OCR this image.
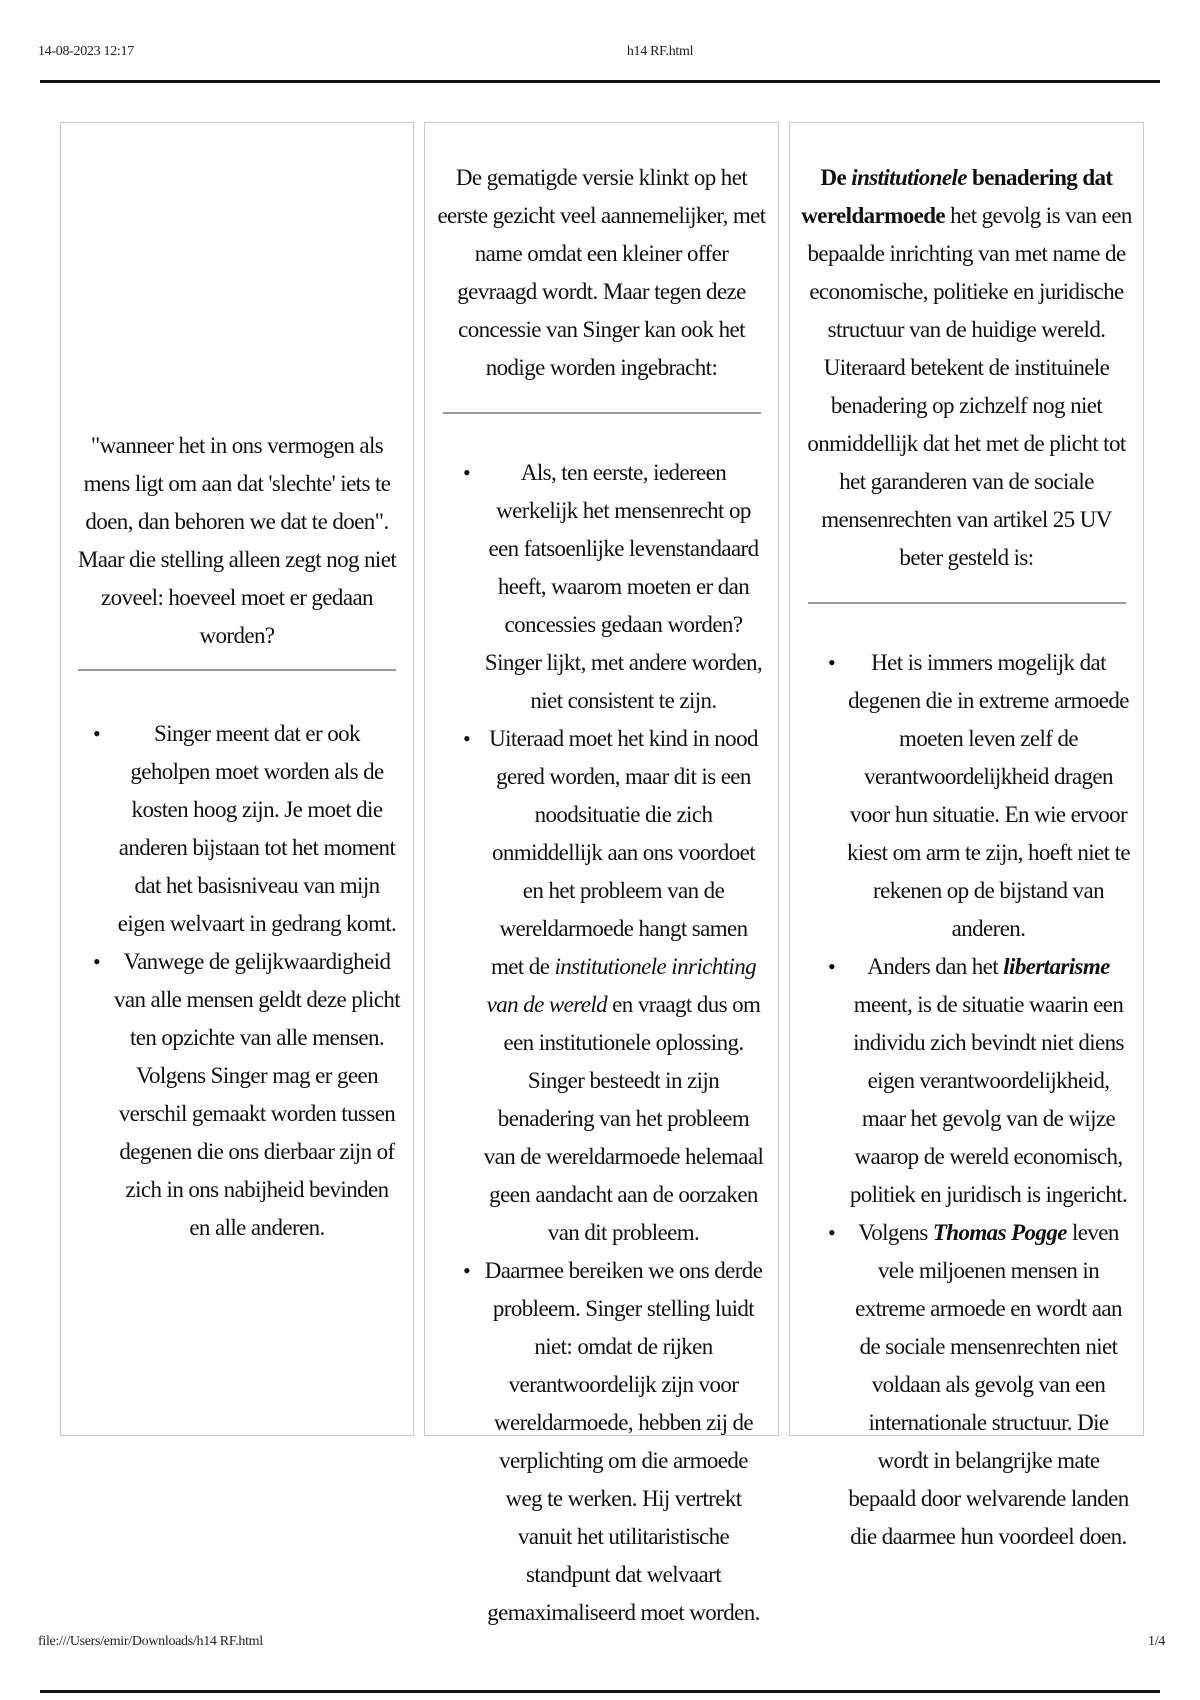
14-08-2023 12:17	h14 RF.html

"wanneer het in ons vermogen als mens ligt om aan dat 'slechte' iets te doen, dan behoren we dat te doen". Maar die stelling alleen zegt nog niet zoveel: hoeveel moet er gedaan worden?

• Singer meent dat er ook geholpen moet worden als de kosten hoog zijn. Je moet die anderen bijstaan tot het moment dat het basisniveau van mijn eigen welvaart in gedrang komt.
• Vanwege de gelijkwaardigheid van alle mensen geldt deze plicht ten opzichte van alle mensen. Volgens Singer mag er geen verschil gemaakt worden tussen degenen die ons dierbaar zijn of zich in ons nabijheid bevinden en alle anderen.

De gematigde versie klinkt op het eerste gezicht veel aannemelijker, met name omdat een kleiner offer gevraagd wordt. Maar tegen deze concessie van Singer kan ook het nodige worden ingebracht:

• Als, ten eerste, iedereen werkelijk het mensenrecht op een fatsoenlijke levenstandaard heeft, waarom moeten er dan concessies gedaan worden? Singer lijkt, met andere worden, niet consistent te zijn.
• Uiteraad moet het kind in nood gered worden, maar dit is een noodsituatie die zich onmiddellijk aan ons voordoet en het probleem van de wereldarmoede hangt samen met de institutionele inrichting van de wereld en vraagt dus om een institutionele oplossing. Singer besteedt in zijn benadering van het probleem van de wereldarmoede helemaal geen aandacht aan de oorzaken van dit probleem.
• Daarmee bereiken we ons derde probleem. Singer stelling luidt niet: omdat de rijken verantwoordelijk zijn voor wereldarmoede, hebben zij de verplichting om die armoede weg te werken. Hij vertrekt vanuit het utilitaristische standpunt dat welvaart gemaximaliseerd moet worden.

De institutionele benadering dat wereldarmoede het gevolg is van een bepaalde inrichting van met name de economische, politieke en juridische structuur van de huidige wereld. Uiteraard betekent de instituinele benadering op zichzelf nog niet onmiddellijk dat het met de plicht tot het garanderen van de sociale mensenrechten van artikel 25 UV beter gesteld is:

• Het is immers mogelijk dat degenen die in extreme armoede moeten leven zelf de verantwoordelijkheid dragen voor hun situatie. En wie ervoor kiest om arm te zijn, hoeft niet te rekenen op de bijstand van anderen.
• Anders dan het libertarisme meent, is de situatie waarin een individu zich bevindt niet diens eigen verantwoordelijkheid, maar het gevolg van de wijze waarop de wereld economisch, politiek en juridisch is ingericht.
• Volgens Thomas Pogge leven vele miljoenen mensen in extreme armoede en wordt aan de sociale mensenrechten niet voldaan als gevolg van een internationale structuur. Die wordt in belangrijke mate bepaald door welvarende landen die daarmee hun voordeel doen.
file:///Users/emir/Downloads/h14 RF.html	1/4
